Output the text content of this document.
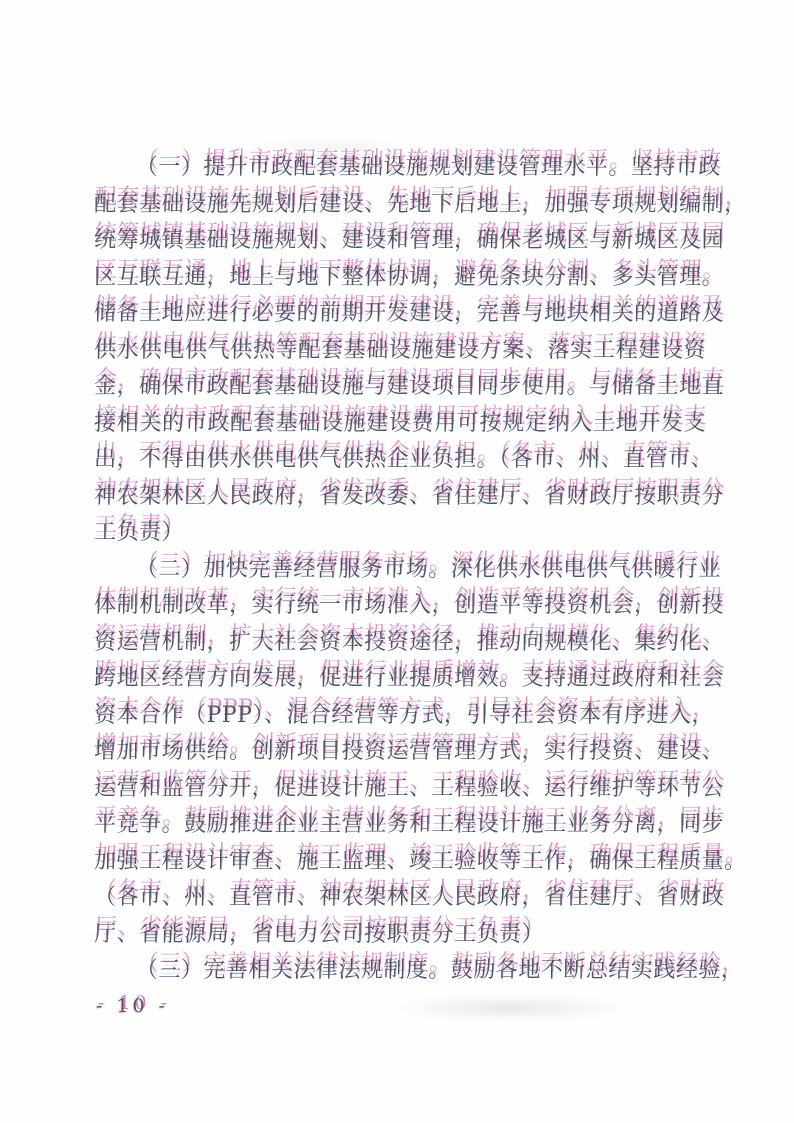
（一）提升市政配套基础设施规划建设管理水平。坚持市政
配套基础设施先规划后建设、先地下后地上，加强专项规划编制，
统筹城镇基础设施规划、建设和管理，确保老城区与新城区及园
区互联互通，地上与地下整体协调，避免条块分割、多头管理。
储备土地应进行必要的前期开发建设，完善与地块相关的道路及
供水供电供气供热等配套基础设施建设方案、落实工程建设资
金，确保市政配套基础设施与建设项目同步使用。与储备土地直
接相关的市政配套基础设施建设费用可按规定纳入土地开发支
出，不得由供水供电供气供热企业负担。（各市、州、直管市、
神农架林区人民政府，省发改委、省住建厅、省财政厅按职责分
工负责）
（二）加快完善经营服务市场。深化供水供电供气供暖行业
体制机制改革，实行统一市场准入，创造平等投资机会，创新投
资运营机制，扩大社会资本投资途径，推动向规模化、集约化、
跨地区经营方向发展，促进行业提质增效。支持通过政府和社会
资本合作（PPP）、混合经营等方式，引导社会资本有序进入，
增加市场供给。创新项目投资运营管理方式，实行投资、建设、
运营和监管分开，促进设计施工、工程验收、运行维护等环节公
平竞争。鼓励推进企业主营业务和工程设计施工业务分离，同步
加强工程设计审查、施工监理、竣工验收等工作，确保工程质量。
（各市、州、直管市、神农架林区人民政府，省住建厅、省财政
厅、省能源局，省电力公司按职责分工负责）
（三）完善相关法律法规制度。鼓励各地不断总结实践经验，
- 10 -
